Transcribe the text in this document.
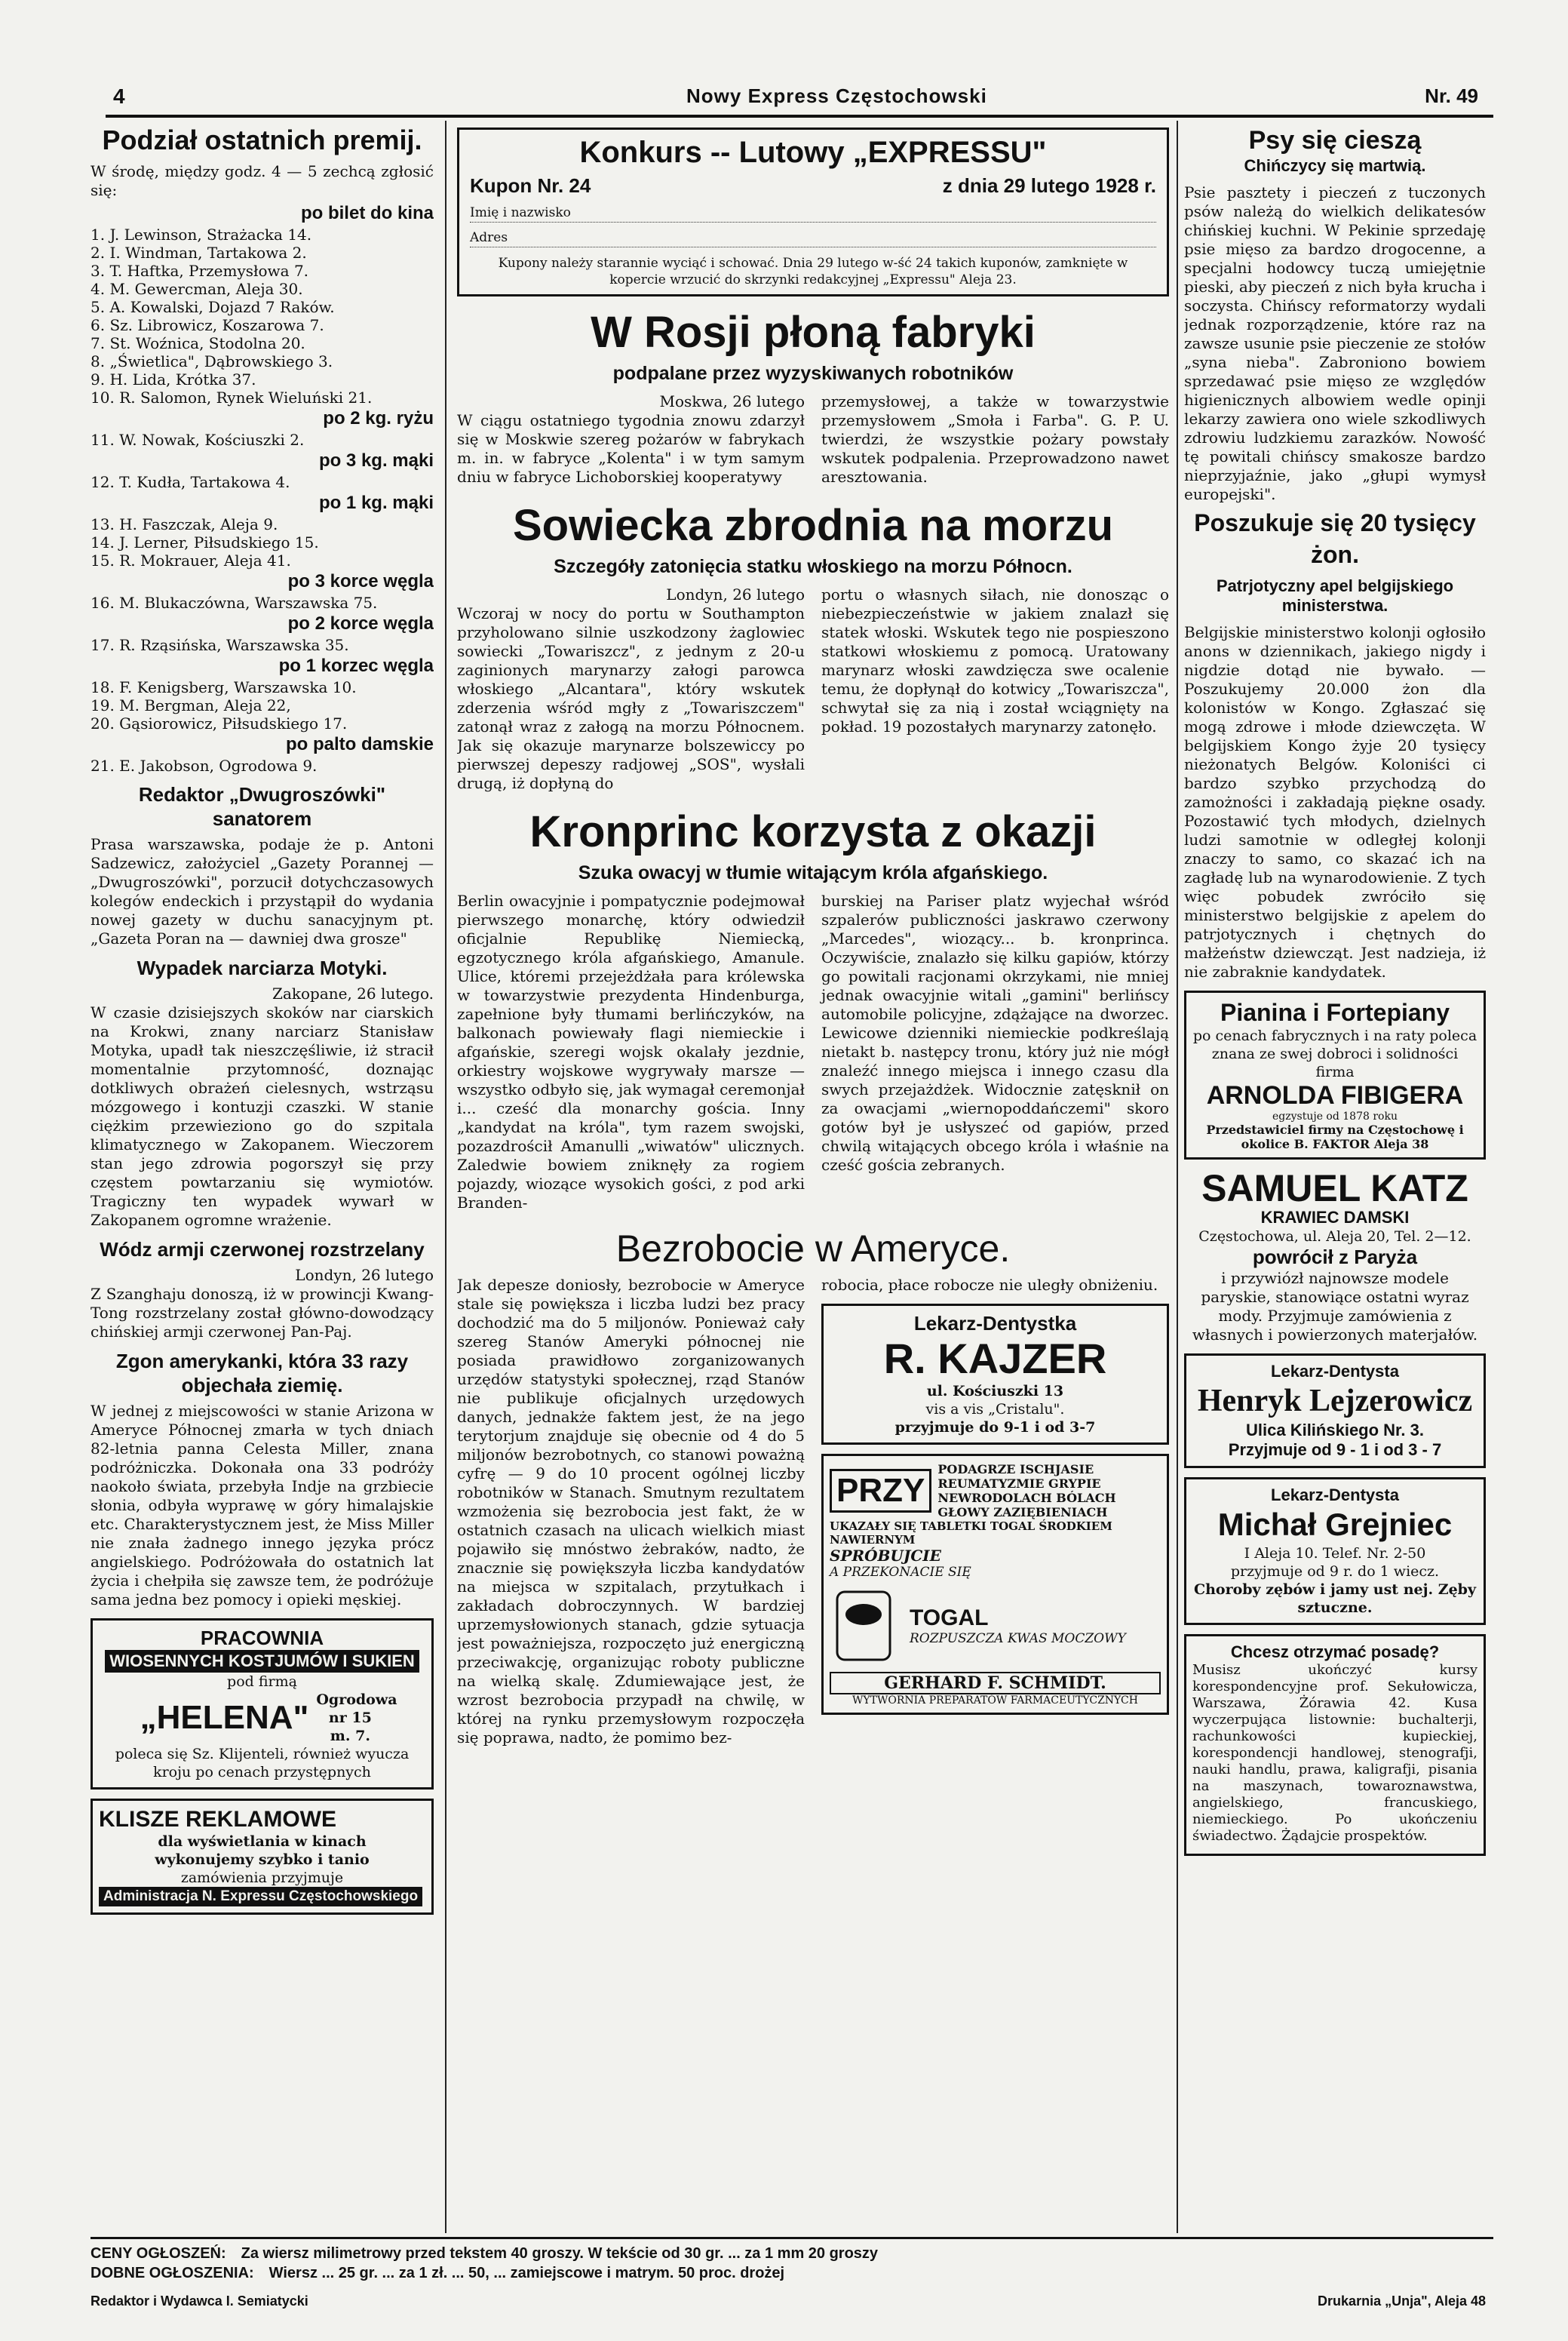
4	Nowy Express Częstochowski	Nr. 49
Podział ostatnich premij.

W środę, między godz. 4 — 5 zechcą zgłosić się:

po bilet do kina
1. J. Lewinson, Strażacka 14.
2. I. Windman, Tartakowa 2.
3. T. Haftka, Przemysłowa 7.
4. M. Gewercman, Aleja 30.
5. A. Kowalski, Dojazd 7 Raków.
6. Sz. Librowicz, Koszarowa 7.
7. St. Woźnica, Stodolna 20.
8. „Świetlica", Dąbrowskiego 3.
9. H. Lida, Krótka 37.
10. R. Salomon, Rynek Wieluński 21.
po 2 kg. ryżu
11. W. Nowak, Kościuszki 2.
po 3 kg. mąki
12. T. Kudła, Tartakowa 4.
po 1 kg. mąki
13. H. Faszczak, Aleja 9.
14. J. Lerner, Piłsudskiego 15.
15. R. Mokrauer, Aleja 41.
po 3 korce węgla
16. M. Blukaczówna, Warszawska 75.
po 2 korce węgla
17. R. Rząsińska, Warszawska 35.
po 1 korzec węgla
18. F. Kenigsberg, Warszawska 10.
19. M. Bergman, Aleja 22,
20. Gąsiorowicz, Piłsudskiego 17.
po palto damskie
21. E. Jakobson, Ogrodowa 9.
Redaktor „Dwugroszówki" sanatorem

Prasa warszawska, podaje że p. Antoni Sadzewicz, założyciel „Gazety Porannej — „Dwugroszówki", porzucił dotychczasowych kolegów endeckich i przystąpił do wydania nowej gazety w duchu sanacyjnym pt. „Gazeta Poran na — dawniej dwa grosze"

Wypadek narciarza Motyki.

Zakopane, 26 lutego.

W czasie dzisiejszych skoków nar ciarskich na Krokwi, znany narciarz Stanisław Motyka, upadł tak nieszczęśliwie, iż stracił momentalnie przytomność, doznając dotkliwych obrażeń cielesnych, wstrząsu mózgowego i kontuzji czaszki. W stanie ciężkim przewieziono go do szpitala klimatycznego w Zakopanem. Wieczorem stan jego zdrowia pogorszył się przy częstem powtarzaniu się wymiotów. Tragiczny ten wypadek wywarł w Zakopanem ogromne wrażenie.

Wódz armji czerwonej rozstrzelany

Londyn, 26 lutego

Z Szanghaju donoszą, iż w prowincji Kwang-Tong rozstrzelany został główno-dowodzący chińskiej armji czerwonej Pan-Paj.

Zgon amerykanki, która 33 razy objechała ziemię.

W jednej z miejscowości w stanie Arizona w Ameryce Północnej zmarła w tych dniach 82-letnia panna Celesta Miller, znana podróżniczka. Dokonała ona 33 podróży naokoło świata, przebyła Indje na grzbiecie słonia, odbyła wyprawę w góry himalajskie etc. Charakterystycznem jest, że Miss Miller nie znała żadnego innego języka prócz angielskiego. Podróżowała do ostatnich lat życia i chełpiła się zawsze tem, że podróżuje sama jedna bez pomocy i opieki męskiej.

PRACOWNIA
WIOSENNYCH KOSTJUMÓW I SUKIEN
pod firmą
„HELENA" Ogrodowa nr 15 m. 7.
poleca się Sz. Klijenteli, również wyucza kroju po cenach przystępnych
KLISZE REKLAMOWE
dla wyświetlania w kinach
wykonujemy szybko i tanio
zamówienia przyjmuje
Administracja N. Expressu Częstochowskiego
Konkurs -- Lutowy „EXPRESSU"
Kupon Nr. 24	z dnia 29 lutego 1928 r.
Imię i nazwisko
Adres
Kupony należy starannie wyciąć i schować. Dnia 29 lutego w-ść 24 takich kuponów, zamknięte w kopercie wrzucić do skrzynki redakcyjnej „Expressu" Aleja 23.
W Rosji płoną fabryki
podpalane przez wyzyskiwanych robotników

Moskwa, 26 lutego

W ciągu ostatniego tygodnia znowu zdarzył się w Moskwie szereg pożarów w fabrykach m. in. w fabryce „Kolenta" i w tym samym dniu w fabryce Lichoborskiej kooperatywy

przemysłowej, a także w towarzystwie przemysłowem „Smoła i Farba". G. P. U. twierdzi, że wszystkie pożary powstały wskutek podpalenia. Przeprowadzono nawet aresztowania.

Sowiecka zbrodnia na morzu
Szczegóły zatonięcia statku włoskiego na morzu Północn.

Londyn, 26 lutego

Wczoraj w nocy do portu w Southampton przyholowano silnie uszkodzony żaglowiec sowiecki „Towariszcz", z jednym z 20-u zaginionych marynarzy załogi parowca włoskiego „Alcantara", który wskutek zderzenia wśród mgły z „Towariszczem" zatonął wraz z załogą na morzu Północnem. Jak się okazuje marynarze bolszewiccy po pierwszej depeszy radjowej „SOS", wysłali drugą, iż dopłyną do

portu o własnych siłach, nie donosząc o niebezpieczeństwie w jakiem znalazł się statek włoski. Wskutek tego nie pospieszono statkowi włoskiemu z pomocą. Uratowany marynarz włoski zawdzięcza swe ocalenie temu, że dopłynął do kotwicy „Towariszcza", schwytał się za nią i został wciągnięty na pokład. 19 pozostałych marynarzy zatonęło.

Kronprinc korzysta z okazji
Szuka owacyj w tłumie witającym króla afgańskiego.

Berlin owacyjnie i pompatycznie podejmował pierwszego monarchę, który odwiedził oficjalnie Republikę Niemiecką, egzotycznego króla afgańskiego, Amanule. Ulice, któremi przejeżdżała para królewska w towarzystwie prezydenta Hindenburga, zapełnione były tłumami berlińczyków, na balkonach powiewały flagi niemieckie i afgańskie, szeregi wojsk okalały jezdnie, orkiestry wojskowe wygrywały marsze — wszystko odbyło się, jak wymagał ceremonjał i... cześć dla monarchy gościa. Inny „kandydat na króla", tym razem swojski, pozazdrościł Amanulli „wiwatów" ulicznych. Zaledwie bowiem zniknęły za rogiem pojazdy, wiozące wysokich gości, z pod arki Branden-

burskiej na Pariser platz wyjechał wśród szpalerów publiczności jaskrawo czerwony „Marcedes", wiozący... b. kronprinca. Oczywiście, znalazło się kilku gapiów, którzy go powitali racjonami okrzykami, nie mniej jednak owacyjnie witali „gamini" berlińscy automobile policyjne, zdążające na dworzec. Lewicowe dzienniki niemieckie podkreślają nietakt b. następcy tronu, który już nie mógł znaleźć innego miejsca i innego czasu dla swych przejażdżek. Widocznie zatęsknił on za owacjami „wiernopoddańczemi" skoro gotów był je usłyszeć od gapiów, przed chwilą witających obcego króla i właśnie na cześć gościa zebranych.

Bezrobocie w Ameryce.

Jak depesze doniosły, bezrobocie w Ameryce stale się powiększa i liczba ludzi bez pracy dochodzić ma do 5 miljonów. Ponieważ cały szereg Stanów Ameryki północnej nie posiada prawidłowo zorganizowanych urzędów statystyki społecznej, rząd Stanów nie publikuje oficjalnych urzędowych danych, jednakże faktem jest, że na jego terytorjum znajduje się obecnie od 4 do 5 miljonów bezrobotnych, co stanowi poważną cyfrę — 9 do 10 procent ogólnej liczby robotników w Stanach. Smutnym rezultatem wzmożenia się bezrobocia jest fakt, że w ostatnich czasach na ulicach wielkich miast pojawiło się mnóstwo żebraków, nadto, że znacznie się powiększyła liczba kandydatów na miejsca w szpitalach, przytułkach i zakładach dobroczynnych. W bardziej uprzemysłowionych stanach, gdzie sytuacja jest poważniejsza, rozpoczęto już energiczną przeciwakcję, organizując roboty publiczne na wielką skalę. Zdumiewające jest, że wzrost bezrobocia przypadł na chwilę, w której na rynku przemysłowym rozpoczęła się poprawa, nadto, że pomimo bez-

robocia, płace robocze nie uległy obniżeniu.

Lekarz-Dentystka
R. KAJZER
ul. Kościuszki 13
vis a vis „Cristalu".
przyjmuje do 9-1 i od 3-7
PRZY
PODAGRZE ISCHJASIE
REUMATYZMIE GRYPIE
NEWRODOLACH BÓLACH GŁOWY ZAZIĘBIENIACH
UKAZAŁY SIĘ TABLETKI TOGAL ŚRODKIEM NAWIERNYM
SPRÓBUJCIE
A PRZEKONACIE SIĘ
TOGAL
ROZPUSZCZA KWAS MOCZOWY
GERHARD F. SCHMIDT.
WYTWÓRNIA PREPARATÓW FARMACEUTYCZNYCH
Psy się cieszą
Chińczycy się martwią.

Psie pasztety i pieczeń z tuczonych psów należą do wielkich delikatesów chińskiej kuchni. W Pekinie sprzedaję psie mięso za bardzo drogocenne, a specjalni hodowcy tuczą umiejętnie pieski, aby pieczeń z nich była krucha i soczysta. Chińscy reformatorzy wydali jednak rozporządzenie, które raz na zawsze usunie psie pieczenie ze stołów „syna nieba". Zabroniono bowiem sprzedawać psie mięso ze względów higienicznych albowiem wedle opinji lekarzy zawiera ono wiele szkodliwych zdrowiu ludzkiemu zarazków. Nowość tę powitali chińscy smakosze bardzo nieprzyjaźnie, jako „głupi wymysł europejski".

Poszukuje się 20 tysięcy żon.
Patrjotyczny apel belgijskiego ministerstwa.

Belgijskie ministerstwo kolonji ogłosiło anons w dziennikach, jakiego nigdy i nigdzie dotąd nie bywało. — Poszukujemy 20.000 żon dla kolonistów w Kongo. Zgłaszać się mogą zdrowe i młode dziewczęta. W belgijskiem Kongo żyje 20 tysięcy nieżonatych Belgów. Koloniści ci bardzo szybko przychodzą do zamożności i zakładają piękne osady. Pozostawić tych młodych, dzielnych ludzi samotnie w odległej kolonji znaczy to samo, co skazać ich na zagładę lub na wynarodowienie. Z tych więc pobudek zwróciło się ministerstwo belgijskie z apelem do patrjotycznych i chętnych do małżeństw dziewcząt. Jest nadzieja, iż nie zabraknie kandydatek.

Pianina i Fortepiany
po cenach fabrycznych i na raty poleca znana ze swej dobroci i solidności firma
ARNOLDA FIBIGERA
egzystuje od 1878 roku
Przedstawiciel firmy na Częstochowę i okolice B. FAKTOR Aleja 38
SAMUEL KATZ
KRAWIEC DAMSKI
Częstochowa, ul. Aleja 20, Tel. 2—12.
powrócił z Paryża

i przywiózł najnowsze modele paryskie, stanowiące ostatni wyraz mody. Przyjmuje zamówienia z własnych i powierzonych materjałów.

Lekarz-Dentysta
Henryk Lejzerowicz
Ulica Kilińskiego Nr. 3.
Przyjmuje od 9 - 1 i od 3 - 7
Lekarz-Dentysta
Michał Grejniec
I Aleja 10. Telef. Nr. 2-50
przyjmuje od 9 r. do 1 wiecz.
Choroby zębów i jamy ust nej. Zęby sztuczne.
Chcesz otrzymać posadę?

Musisz ukończyć kursy korespondencyjne prof. Sekułowicza, Warszawa, Żórawia 42. Kusa wyczerpująca listownie: buchalterji, rachunkowości kupieckiej, korespondencji handlowej, stenografji, nauki handlu, prawa, kaligrafji, pisania na maszynach, towaroznawstwa, angielskiego, francuskiego, niemieckiego. Po ukończeniu świadectwo. Żądajcie prospektów.

CENY OGŁOSZEŃ: Za wiersz milimetrowy przed tekstem 40 groszy. W tekście od 30 gr. ... za 1 mm 20 groszy
DOBNE OGŁOSZENIA: Wiersz ... 25 gr. ... za 1 zł. ... 50, ... zamiejscowe i matrym. 50 proc. drożej
Redaktor i Wydawca I. Semiatycki	Drukarnia „Unja", Aleja 48
